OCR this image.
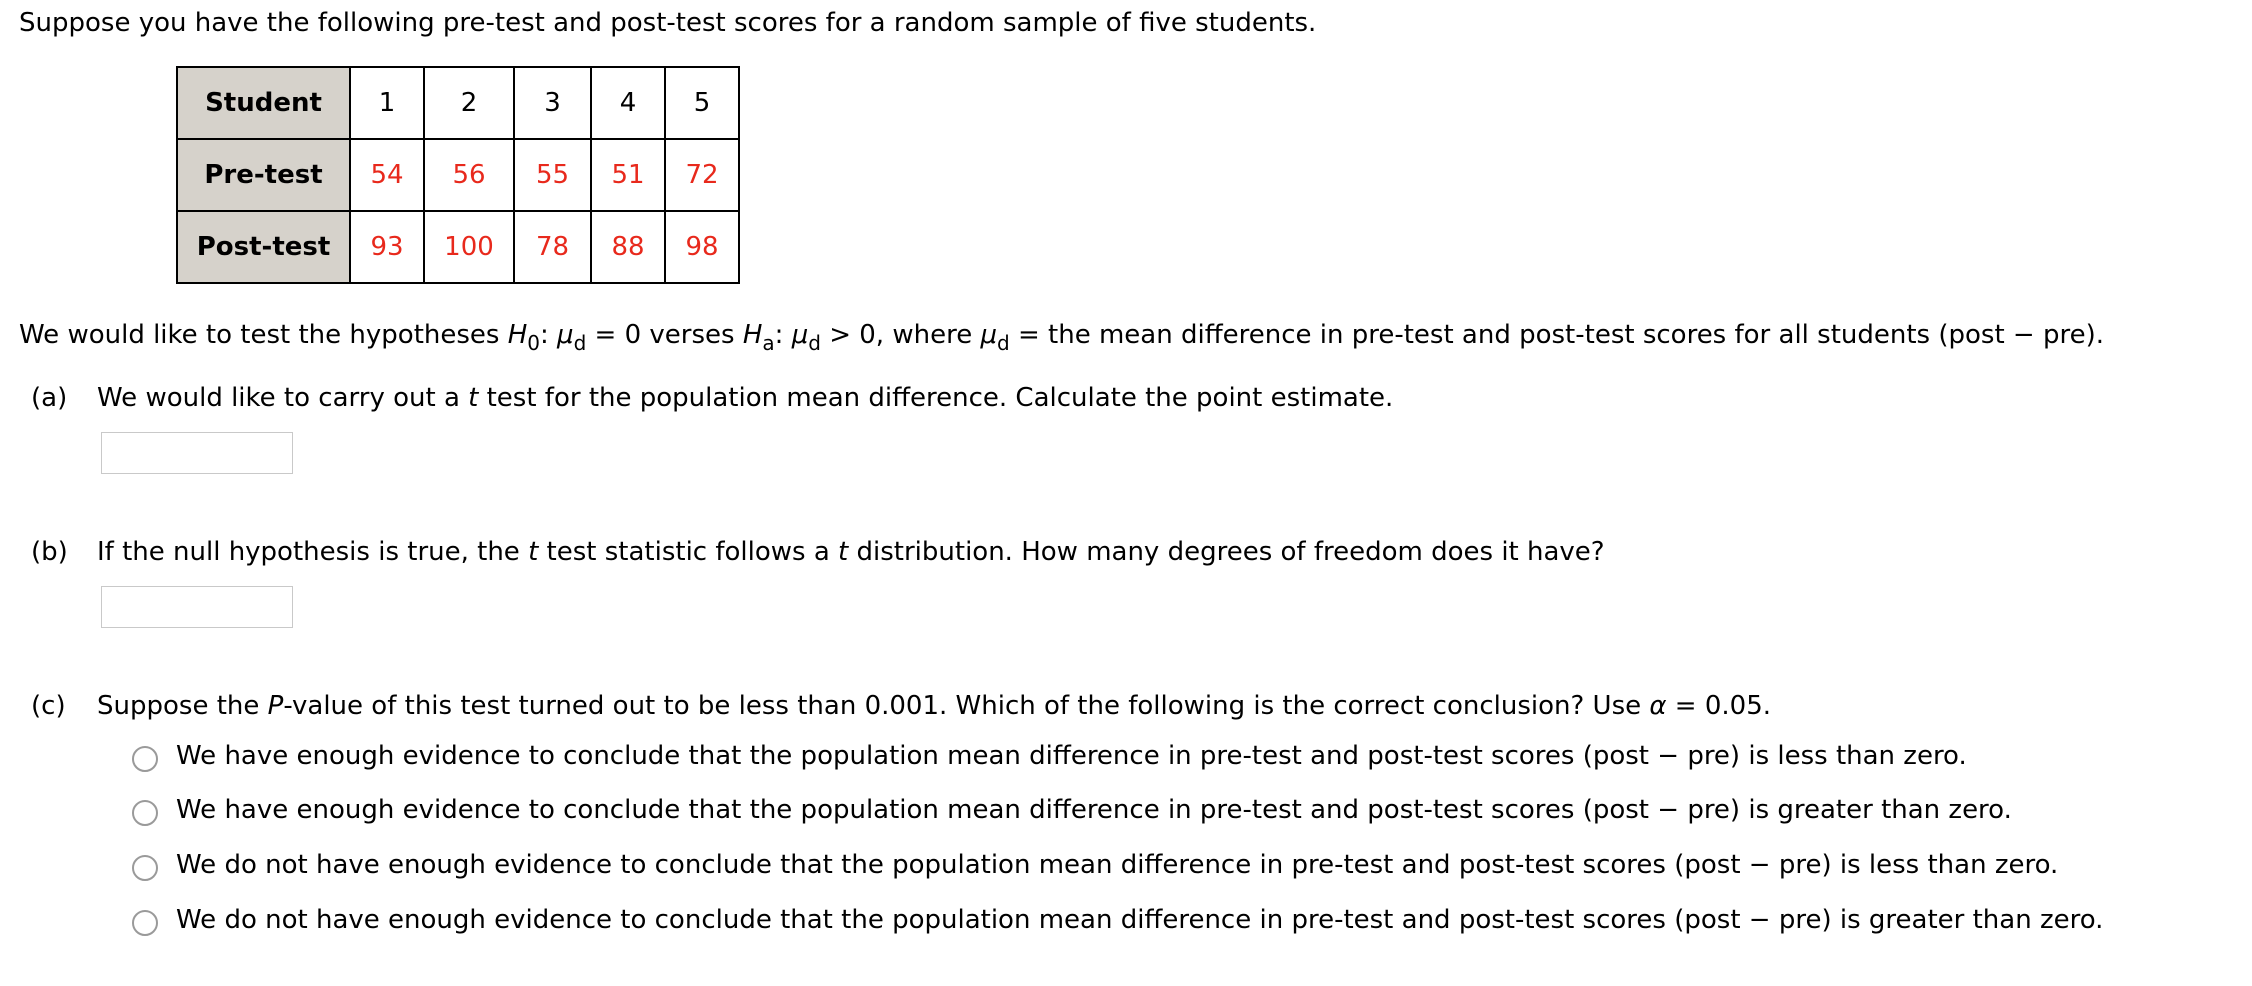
Suppose you have the following pre-test and post-test scores for a random sample of five students.
Student	1	2	3	4	5
Pre-test	54	56	55	51	72
Post-test	93	100	78	88	98
We would like to test the hypotheses $H_0$: $\mu_d = 0$ verses $H_a$: $\mu_d > 0$, where $\mu_d$ = the mean difference in pre-test and post-test scores for all students (post − pre).
(a) We would like to carry out a t test for the population mean difference. Calculate the point estimate.
(b) If the null hypothesis is true, the t test statistic follows a t distribution. How many degrees of freedom does it have?
(c) Suppose the P-value of this test turned out to be less than 0.001. Which of the following is the correct conclusion? Use α = 0.05.
We have enough evidence to conclude that the population mean difference in pre-test and post-test scores (post − pre) is less than zero.
We have enough evidence to conclude that the population mean difference in pre-test and post-test scores (post − pre) is greater than zero.
We do not have enough evidence to conclude that the population mean difference in pre-test and post-test scores (post − pre) is less than zero.
We do not have enough evidence to conclude that the population mean difference in pre-test and post-test scores (post − pre) is greater than zero.
